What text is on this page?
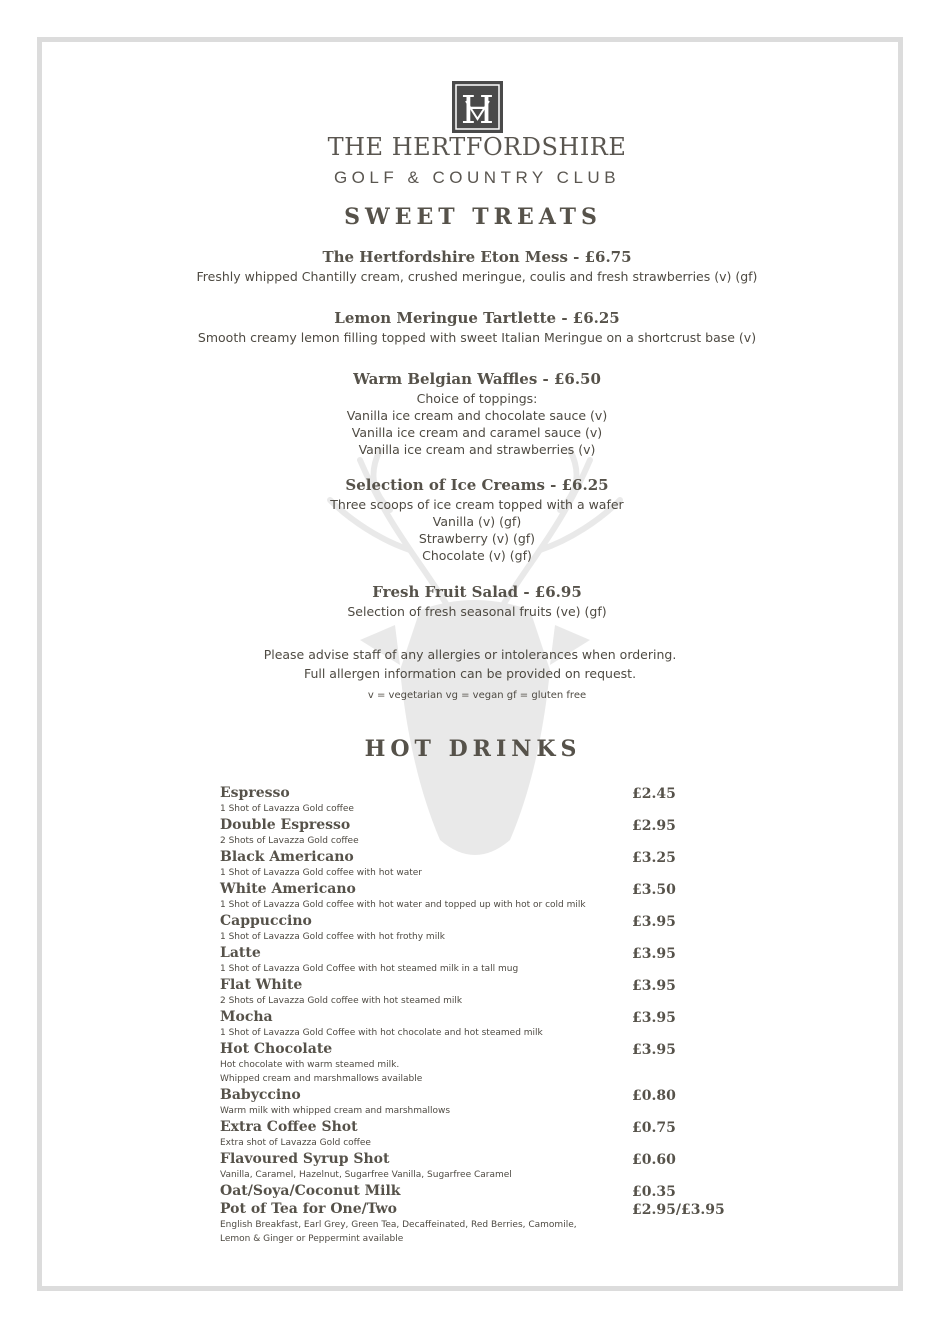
H
THE HERTFORDSHIRE
GOLF & COUNTRY CLUB
SWEET TREATS
The Hertfordshire Eton Mess - £6.75
Freshly whipped Chantilly cream, crushed meringue, coulis and fresh strawberries (v) (gf)
Lemon Meringue Tartlette - £6.25
Smooth creamy lemon filling topped with sweet Italian Meringue on a shortcrust base (v)
Warm Belgian Waffles - £6.50
Choice of toppings:
Vanilla ice cream and chocolate sauce (v)
Vanilla ice cream and caramel sauce (v)
Vanilla ice cream and strawberries (v)
Selection of Ice Creams - £6.25
Three scoops of ice cream topped with a wafer
Vanilla (v) (gf)
Strawberry (v) (gf)
Chocolate (v) (gf)
Fresh Fruit Salad - £6.95
Selection of fresh seasonal fruits (ve) (gf)
Please advise staff of any allergies or intolerances when ordering.
Full allergen information can be provided on request.
v = vegetarian vg = vegan gf = gluten free
HOT DRINKS
Espresso	£2.45
1 Shot of Lavazza Gold coffee
Double Espresso	£2.95
2 Shots of Lavazza Gold coffee
Black Americano	£3.25
1 Shot of Lavazza Gold coffee with hot water
White Americano	£3.50
1 Shot of Lavazza Gold coffee with hot water and topped up with hot or cold milk
Cappuccino	£3.95
1 Shot of Lavazza Gold coffee with hot frothy milk
Latte	£3.95
1 Shot of Lavazza Gold Coffee with hot steamed milk in a tall mug
Flat White	£3.95
2 Shots of Lavazza Gold coffee with hot steamed milk
Mocha	£3.95
1 Shot of Lavazza Gold Coffee with hot chocolate and hot steamed milk
Hot Chocolate	£3.95
Hot chocolate with warm steamed milk.
Whipped cream and marshmallows available
Babyccino	£0.80
Warm milk with whipped cream and marshmallows
Extra Coffee Shot	£0.75
Extra shot of Lavazza Gold coffee
Flavoured Syrup Shot	£0.60
Vanilla, Caramel, Hazelnut, Sugarfree Vanilla, Sugarfree Caramel
Oat/Soya/Coconut Milk	£0.35
Pot of Tea for One/Two	£2.95/£3.95
English Breakfast, Earl Grey, Green Tea, Decaffeinated, Red Berries, Camomile,
Lemon & Ginger or Peppermint available
